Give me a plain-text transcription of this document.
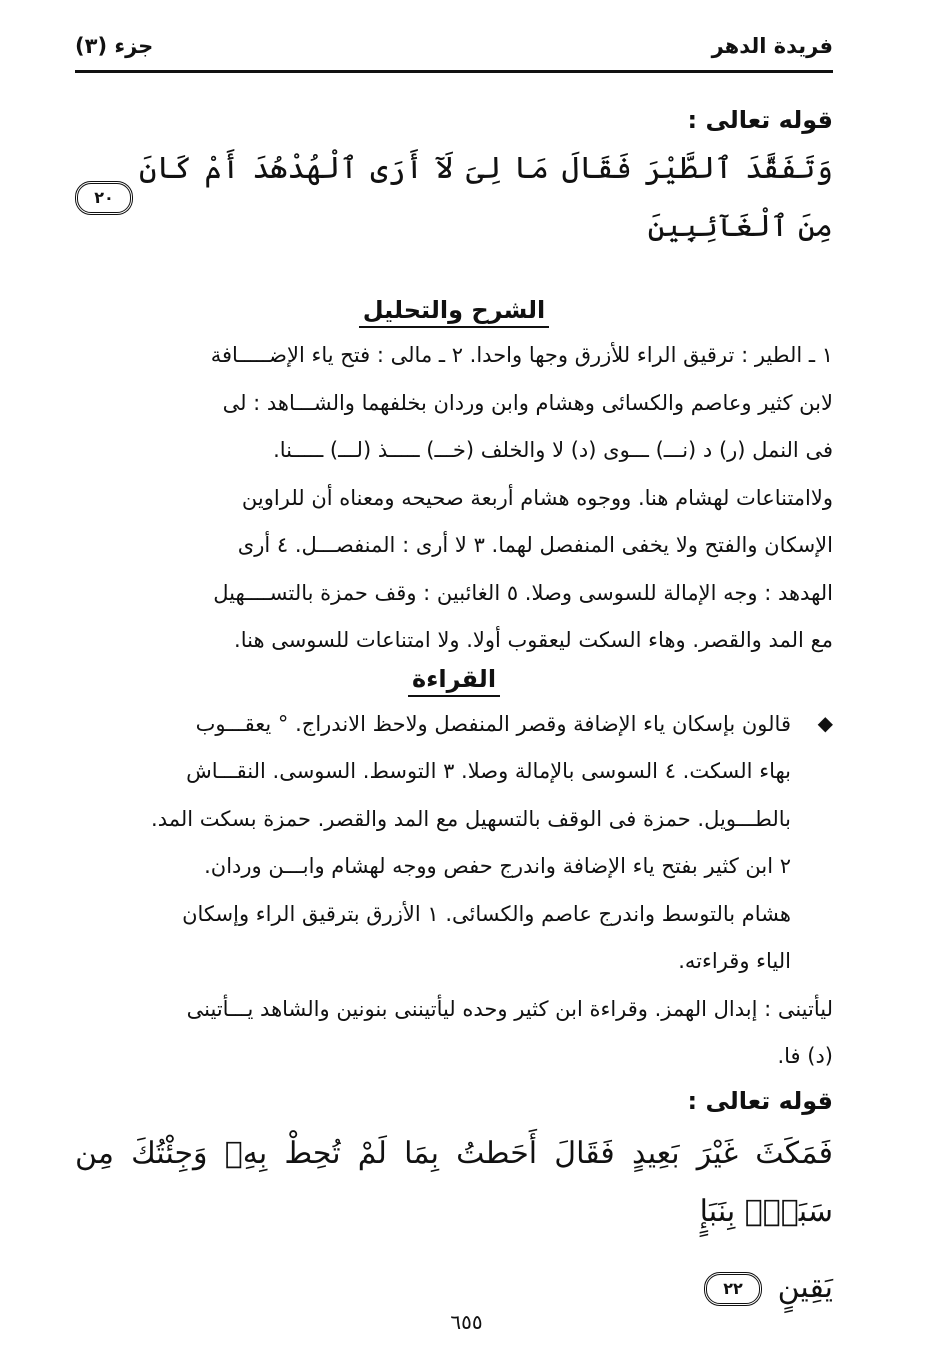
فريدة الدهر
جزء (٣)
قوله تعالى :
وَتَفَقَّدَ ٱلطَّيْرَ فَقَالَ مَا لِىَ لَآ أَرَى ٱلْهُدْهُدَ أَمْ كَانَ مِنَ ٱلْغَآئِبِينَ
٢٠
الشرح والتحليل
١ ـ الطير : ترقيق الراء للأزرق وجها واحدا. ٢ ـ مالى : فتح ياء الإضـــــافة
لابن كثير وعاصم والكسائى وهشام وابن وردان بخلفهما والشـــاهد : لى
فى النمل (ر) د (نـــ) ـــوى (د) لا والخلف (خـــ) ـــــذ (لـــ) ـــــنا.
ولاامتناعات لهشام هنا. ووجوه هشام أربعة صحيحه ومعناه أن للراوين
الإسكان والفتح ولا يخفى المنفصل لهما. ٣ لا أرى : المنفصـــل. ٤ أرى
الهدهد : وجه الإمالة للسوسى وصلا. ٥ الغائبين : وقف حمزة بالتســــهيل
مع المد والقصر. وهاء السكت ليعقوب أولا. ولا امتناعات للسوسى هنا.
القراءة
◆
قالون بإسكان ياء الإضافة وقصر المنفصل ولاحظ الاندراج. ° يعقـــوب
بهاء السكت. ٤ السوسى بالإمالة وصلا. ٣ التوسط. السوسى. النقـــاش
بالطـــويل. حمزة فى الوقف بالتسهيل مع المد والقصر. حمزة بسكت المد.
٢ ابن كثير بفتح ياء الإضافة واندرج حفص ووجه لهشام وابـــن وردان.
هشام بالتوسط واندرج عاصم والكسائى. ١ الأزرق بترقيق الراء وإسكان
الياء وقراءته.
ليأتينى : إبدال الهمز. وقراءة ابن كثير وحده ليأتيننى بنونين والشاهد يـــأتينى
(د) فا.
قوله تعالى :
فَمَكَثَ غَيْرَ بَعِيدٍ فَقَالَ أَحَطتُ بِمَا لَمْ تُحِطْ بِهِۦ وَجِئْتُكَ مِن سَبَإٍۭ بِنَبَإٍ
يَقِينٍ ٢٢
٦٥٥
